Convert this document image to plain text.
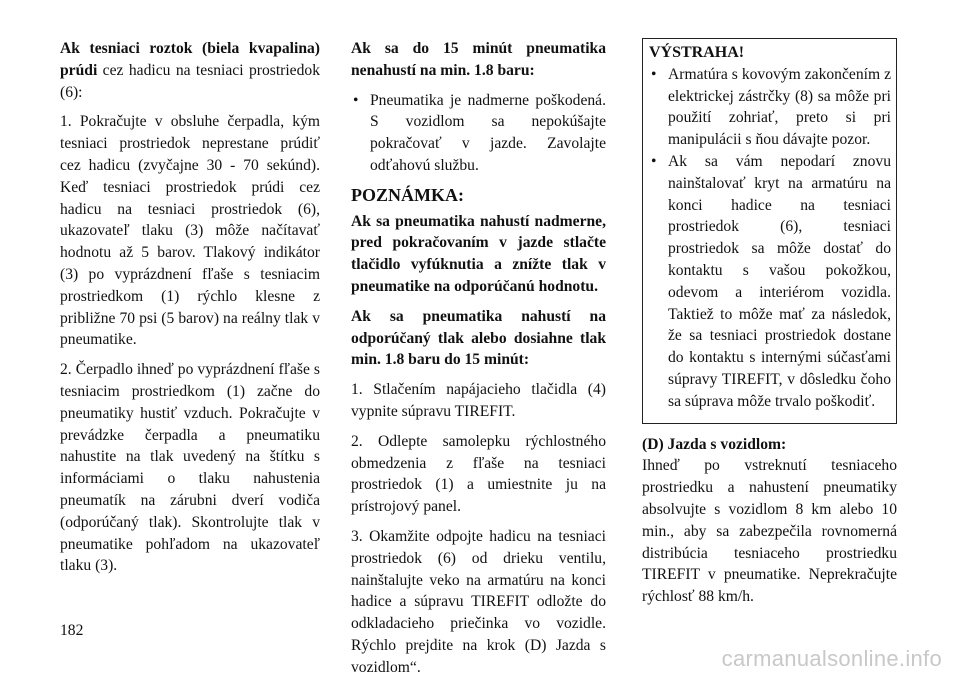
Ak tesniaci roztok (biela kvapalina) prúdi cez hadicu na tesniaci prostriedok (6):

1. Pokračujte v obsluhe čerpadla, kým tesniaci prostriedok neprestane prúdiť cez hadicu (zvyčajne 30 - 70 sekúnd). Keď tesniaci prostriedok prúdi cez hadicu na tesniaci prostriedok (6), ukazovateľ tlaku (3) môže načítavať hodnotu až 5 barov. Tlakový indikátor (3) po vyprázdnení fľaše s tesniacim prostriedkom (1) rýchlo klesne z približne 70 psi (5 barov) na reálny tlak v pneumatike.

2. Čerpadlo ihneď po vyprázdnení fľaše s tesniacim prostriedkom (1) začne do pneumatiky hustiť vzduch. Pokračujte v prevádzke čerpadla a pneumatiku nahustite na tlak uvedený na štítku s informáciami o tlaku nahustenia pneumatík na zárubni dverí vodiča (odporúčaný tlak). Skontrolujte tlak v pneumatike pohľadom na ukazovateľ tlaku (3).

Ak sa do 15 minút pneumatika nenahustí na min. 1.8 baru:

• Pneumatika je nadmerne poškodená. S vozidlom sa nepokúšajte pokračovať v jazde. Zavolajte odťahovú službu.
POZNÁMKA:

Ak sa pneumatika nahustí nadmerne, pred pokračovaním v jazde stlačte tlačidlo vyfúknutia a znížte tlak v pneumatike na odporúčanú hodnotu.

Ak sa pneumatika nahustí na odporúčaný tlak alebo dosiahne tlak min. 1.8 baru do 15 minút:

1. Stlačením napájacieho tlačidla (4) vypnite súpravu TIREFIT.

2. Odlepte samolepku rýchlostného obmedzenia z fľaše na tesniaci prostriedok (1) a umiestnite ju na prístrojový panel.

3. Okamžite odpojte hadicu na tesniaci prostriedok (6) od drieku ventilu, nainštalujte veko na armatúru na konci hadice a súpravu TIREFIT odložte do odkladacieho priečinka vo vozidle. Rýchlo prejdite na krok (D) Jazda s vozidlom“.

VÝSTRAHA!
• Armatúra s kovovým zakončením z elektrickej zástrčky (8) sa môže pri použití zohriať, preto si pri manipulácii s ňou dávajte pozor.
• Ak sa vám nepodarí znovu nainštalovať kryt na armatúru na konci hadice na tesniaci prostriedok (6), tesniaci prostriedok sa môže dostať do kontaktu s vašou pokožkou, odevom a interiérom vozidla. Taktiež to môže mať za následok, že sa tesniaci prostriedok dostane do kontaktu s internými súčasťami súpravy TIREFIT, v dôsledku čoho sa súprava môže trvalo poškodiť.

(D) Jazda s vozidlom:

Ihneď po vstreknutí tesniaceho prostriedku a nahustení pneumatiky absolvujte s vozidlom 8 km alebo 10 min., aby sa zabezpečila rovnomerná distribúcia tesniaceho prostriedku TIREFIT v pneumatike. Neprekračujte rýchlosť 88 km/h.

182
carmanualsonline.info
